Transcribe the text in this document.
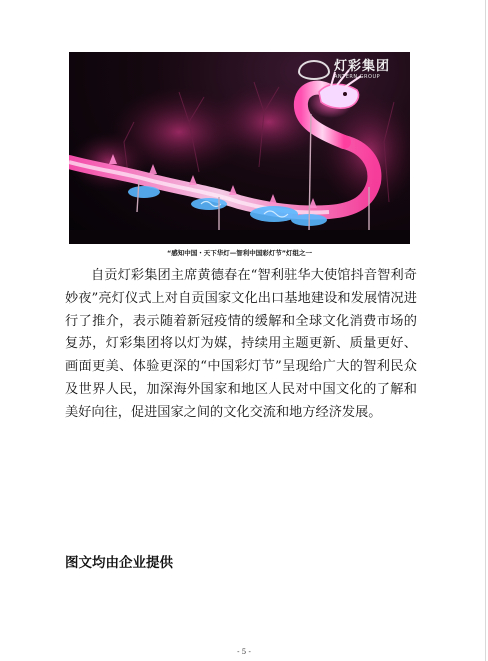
灯彩集团
ANTERN GROUP
“感知中国・天下华灯—智利中国彩灯节”灯组之一

自贡灯彩集团主席黄德春在“智利驻华大使馆抖音智利奇妙夜”亮灯仪式上对自贡国家文化出口基地建设和发展情况进行了推介，表示随着新冠疫情的缓解和全球文化消费市场的复苏，灯彩集团将以灯为媒，持续用主题更新、质量更好、画面更美、体验更深的“中国彩灯节”呈现给广大的智利民众及世界人民，加深海外国家和地区人民对中国文化的了解和美好向往，促进国家之间的文化交流和地方经济发展。

图文均由企业提供
- 5 -
